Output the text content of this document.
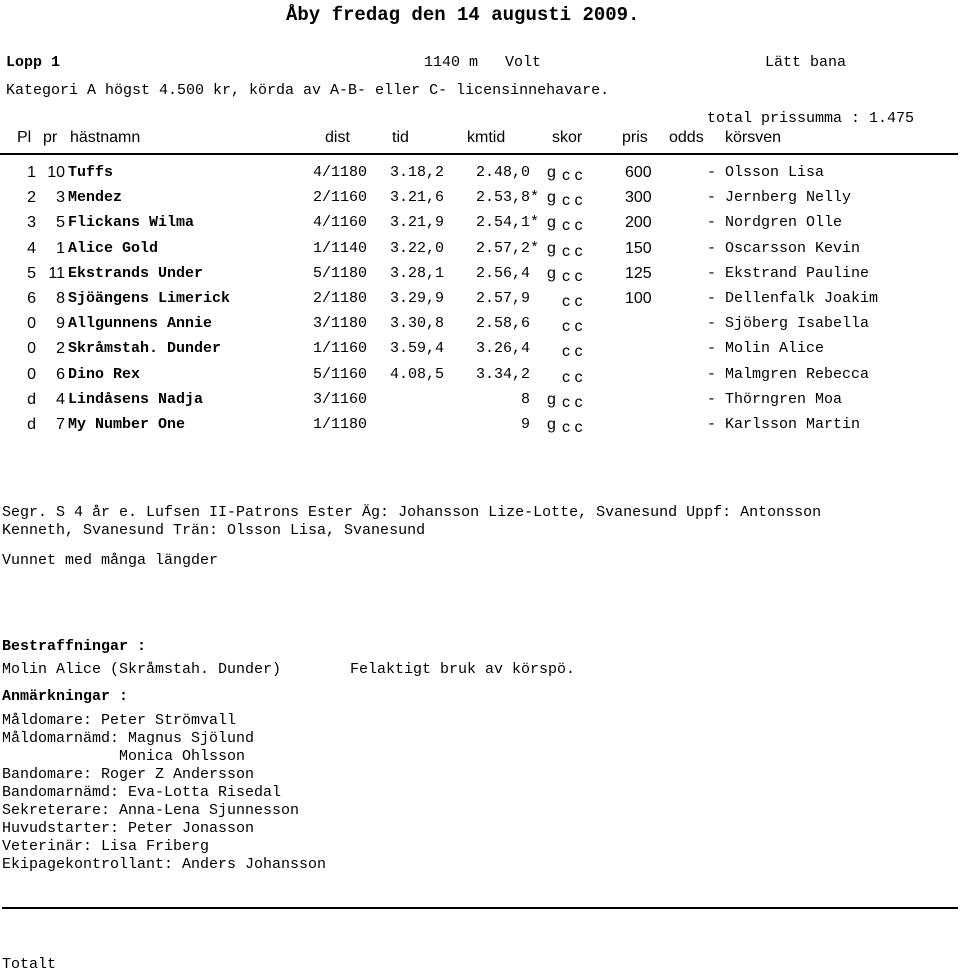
Åby fredag den 14 augusti 2009.
Lopp 1	1140 m Volt	Lätt bana
Kategori A högst 4.500 kr, körda av A-B- eller C- licensinnehavare.
total prissumma : 1.475
Pl pr hästnamn	dist	tid	kmtid	skor pris odds körsven
1 10 Tuffs	4/1180 3.18,2	2.48,0 g c c	600	- Olsson Lisa
2	3 Mendez	2/1160 3.21,6	2.53,8 * g c c	300	- Jernberg Nelly
3	5 Flickans Wilma	4/1160 3.21,9	2.54,1 * g c c	200	- Nordgren Olle
4	1 Alice Gold	1/1140 3.22,0	2.57,2 * g c c	150	- Oscarsson Kevin
5 11 Ekstrands Under	5/1180 3.28,1	2.56,4 g c c	125	- Ekstrand Pauline
6	8 Sjöängens Limerick	2/1180 3.29,9	2.57,9 c c	100	- Dellenfalk Joakim
0	9 Allgunnens Annie	3/1180 3.30,8	2.58,6 c c	- Sjöberg Isabella
0	2 Skråmstah. Dunder	1/1160 3.59,4	3.26,4 c c	- Molin Alice
0	6 Dino Rex	5/1160 4.08,5	3.34,2 c c	- Malmgren Rebecca
d	4 Lindåsens Nadja	3/1160	8 g c c	- Thörngren Moa
d	7 My Number One	1/1180	9 g c c	- Karlsson Martin
Segr. S 4 år e. Lufsen II-Patrons Ester Äg: Johansson Lize-Lotte, Svanesund Uppf: Antonsson
Kenneth, Svanesund Trän: Olsson Lisa, Svanesund
Vunnet med många längder
Bestraffningar :
Molin Alice (Skråmstah. Dunder)	Felaktigt bruk av körspö.
Anmärkningar :
Måldomare: Peter Strömvall
Måldomarnämd: Magnus Sjölund
Monica Ohlsson
Bandomare: Roger Z Andersson
Bandomarnämd: Eva-Lotta Risedal
Sekreterare: Anna-Lena Sjunnesson
Huvudstarter: Peter Jonasson
Veterinär: Lisa Friberg
Ekipagekontrollant: Anders Johansson
Totalt
